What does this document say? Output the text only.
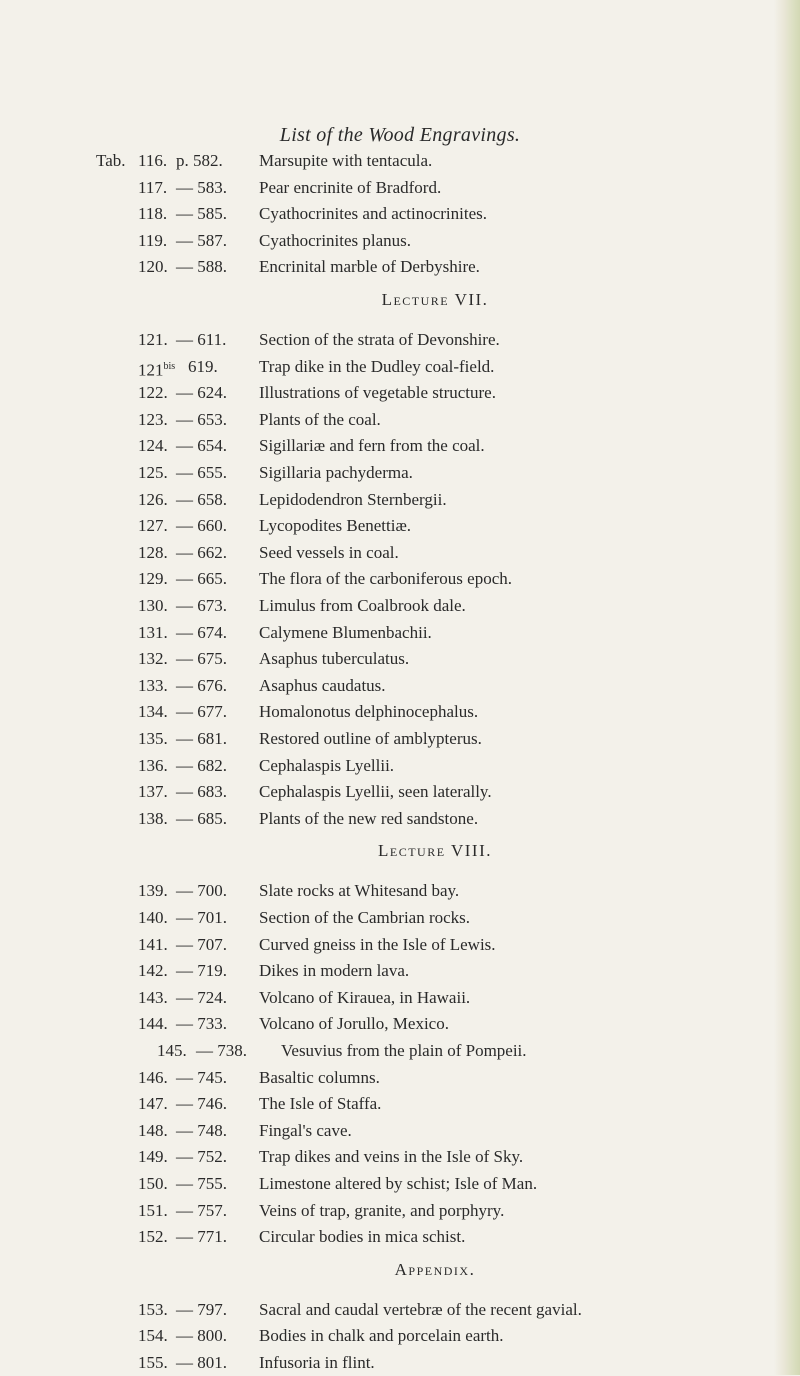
List of the Wood Engravings.
Tab. 116. p. 582. Marsupite with tentacula.
117. — 583. Pear encrinite of Bradford.
118. — 585. Cyathocrinites and actinocrinites.
119. — 587. Cyathocrinites planus.
120. — 588. Encrinital marble of Derbyshire.
Lecture VII.
121. — 611. Section of the strata of Devonshire.
$121^{bis}$ 619. Trap dike in the Dudley coal-field.
122. — 624. Illustrations of vegetable structure.
123. — 653. Plants of the coal.
124. — 654. Sigillariæ and fern from the coal.
125. — 655. Sigillaria pachyderma.
126. — 658. Lepidodendron Sternbergii.
127. — 660. Lycopodites Benettiæ.
128. — 662. Seed vessels in coal.
129. — 665. The flora of the carboniferous epoch.
130. — 673. Limulus from Coalbrook dale.
131. — 674. Calymene Blumenbachii.
132. — 675. Asaphus tuberculatus.
133. — 676. Asaphus caudatus.
134. — 677. Homalonotus delphinocephalus.
135. — 681. Restored outline of amblypterus.
136. — 682. Cephalaspis Lyellii.
137. — 683. Cephalaspis Lyellii, seen laterally.
138. — 685. Plants of the new red sandstone.
Lecture VIII.
139. — 700. Slate rocks at Whitesand bay.
140. — 701. Section of the Cambrian rocks.
141. — 707. Curved gneiss in the Isle of Lewis.
142. — 719. Dikes in modern lava.
143. — 724. Volcano of Kirauea, in Hawaii.
144. — 733. Volcano of Jorullo, Mexico.
145. — 738. Vesuvius from the plain of Pompeii.
146. — 745. Basaltic columns.
147. — 746. The Isle of Staffa.
148. — 748. Fingal's cave.
149. — 752. Trap dikes and veins in the Isle of Sky.
150. — 755. Limestone altered by schist; Isle of Man.
151. — 757. Veins of trap, granite, and porphyry.
152. — 771. Circular bodies in mica schist.
Appendix.
153. — 797. Sacral and caudal vertebræ of the recent gavial.
154. — 800. Bodies in chalk and porcelain earth.
155. — 801. Infusoria in flint.
